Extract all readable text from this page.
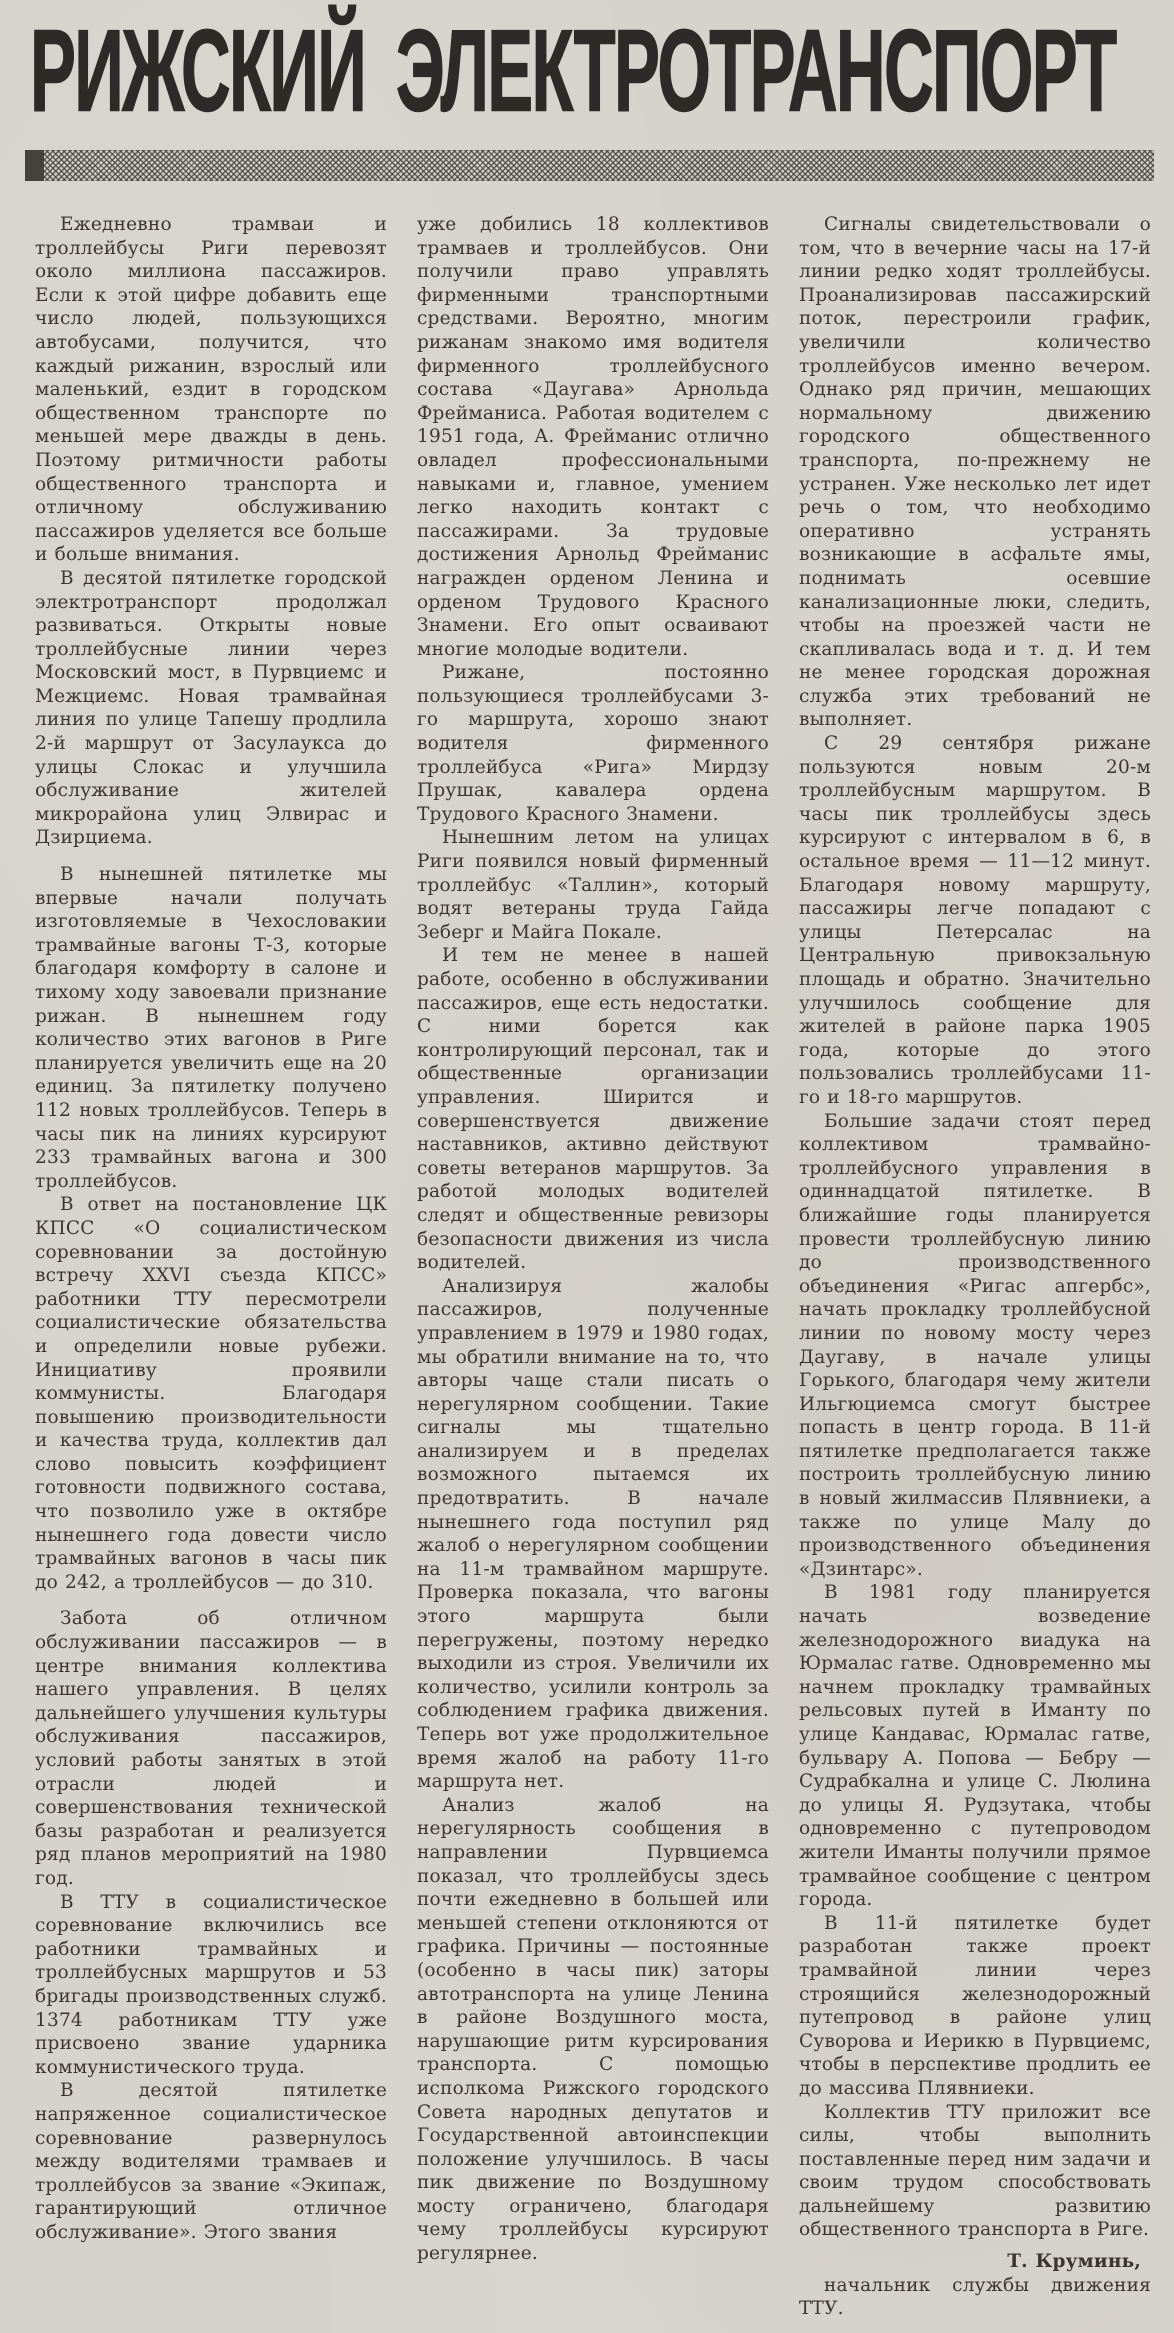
РИЖСКИЙ ЭЛЕКТРОТРАНСПОРТ

Ежедневно трамваи и троллейбусы Риги перевозят около миллиона пассажиров. Если к этой цифре добавить еще число людей, пользующихся автобусами, получится, что каждый рижанин, взрослый или маленький, ездит в городском общественном транспорте по меньшей мере дважды в день. Поэтому ритмичности работы общественного транспорта и отличному обслуживанию пассажиров уделяется все больше и больше внимания.

В десятой пятилетке городской электротранспорт продолжал развиваться. Открыты новые троллейбусные линии через Московский мост, в Пурвциемс и Межциемс. Новая трамвайная линия по улице Тапешу продлила 2-й маршрут от Засулаукса до улицы Слокас и улучшила обслуживание жителей микрорайона улиц Элвирас и Дзирциема.

В нынешней пятилетке мы впервые начали получать изготовляемые в Чехословакии трамвайные вагоны Т-3, которые благодаря комфорту в салоне и тихому ходу завоевали признание рижан. В нынешнем году количество этих вагонов в Риге планируется увеличить еще на 20 единиц. За пятилетку получено 112 новых троллейбусов. Теперь в часы пик на линиях курсируют 233 трамвайных вагона и 300 троллейбусов.

В ответ на постановление ЦК КПСС «О социалистическом соревновании за достойную встречу XXVI съезда КПСС» работники ТТУ пересмотрели социалистические обязательства и определили новые рубежи. Инициативу проявили коммунисты. Благодаря повышению производительности и качества труда, коллектив дал слово повысить коэффициент готовности подвижного состава, что позволило уже в октябре нынешнего года довести число трамвайных вагонов в часы пик до 242, а троллейбусов — до 310.

Забота об отличном обслуживании пассажиров — в центре внимания коллектива нашего управления. В целях дальнейшего улучшения культуры обслуживания пассажиров, условий работы занятых в этой отрасли людей и совершенствования технической базы разработан и реализуется ряд планов мероприятий на 1980 год.

В ТТУ в социалистическое соревнование включились все работники трамвайных и троллейбусных маршрутов и 53 бригады производственных служб. 1374 работникам ТТУ уже присвоено звание ударника коммунистического труда.

В десятой пятилетке напряженное социалистическое соревнование развернулось между водителями трамваев и троллейбусов за звание «Экипаж, гарантирующий отличное обслуживание». Этого звания

уже добились 18 коллективов трамваев и троллейбусов. Они получили право управлять фирменными транспортными средствами. Вероятно, многим рижанам знакомо имя водителя фирменного троллейбусного состава «Даугава» Арнольда Фрейманиса. Работая водителем с 1951 года, А. Фрейманис отлично овладел профессиональными навыками и, главное, умением легко находить контакт с пассажирами. За трудовые достижения Арнольд Фрейманис награжден орденом Ленина и орденом Трудового Красного Знамени. Его опыт осваивают многие молодые водители.

Рижане, постоянно пользующиеся троллейбусами 3-го маршрута, хорошо знают водителя фирменного троллейбуса «Рига» Мирдзу Прушак, кавалера ордена Трудового Красного Знамени.

Нынешним летом на улицах Риги появился новый фирменный троллейбус «Таллин», который водят ветераны труда Гайда Зеберг и Майга Покале.

И тем не менее в нашей работе, особенно в обслуживании пассажиров, еще есть недостатки. С ними борется как контролирующий персонал, так и общественные организации управления. Ширится и совершенствуется движение наставников, активно действуют советы ветеранов маршрутов. За работой молодых водителей следят и общественные ревизоры безопасности движения из числа водителей.

Анализируя жалобы пассажиров, полученные управлением в 1979 и 1980 годах, мы обратили внимание на то, что авторы чаще стали писать о нерегулярном сообщении. Такие сигналы мы тщательно анализируем и в пределах возможного пытаемся их предотвратить. В начале нынешнего года поступил ряд жалоб о нерегулярном сообщении на 11-м трамвайном маршруте. Проверка показала, что вагоны этого маршрута были перегружены, поэтому нередко выходили из строя. Увеличили их количество, усилили контроль за соблюдением графика движения. Теперь вот уже продолжительное время жалоб на работу 11-го маршрута нет.

Анализ жалоб на нерегулярность сообщения в направлении Пурвциемса показал, что троллейбусы здесь почти ежедневно в большей или меньшей степени отклоняются от графика. Причины — постоянные (особенно в часы пик) заторы автотранспорта на улице Ленина в районе Воздушного моста, нарушающие ритм курсирования транспорта. С помощью исполкома Рижского городского Совета народных депутатов и Государственной автоинспекции положение улучшилось. В часы пик движение по Воздушному мосту ограничено, благодаря чему троллейбусы курсируют регулярнее.

Сигналы свидетельствовали о том, что в вечерние часы на 17-й линии редко ходят троллейбусы. Проанализировав пассажирский поток, перестроили график, увеличили количество троллейбусов именно вечером. Однако ряд причин, мешающих нормальному движению городского общественного транспорта, по-прежнему не устранен. Уже несколько лет идет речь о том, что необходимо оперативно устранять возникающие в асфальте ямы, поднимать осевшие канализационные люки, следить, чтобы на проезжей части не скапливалась вода и т. д. И тем не менее городская дорожная служба этих требований не выполняет.

С 29 сентября рижане пользуются новым 20-м троллейбусным маршрутом. В часы пик троллейбусы здесь курсируют с интервалом в 6, в остальное время — 11—12 минут. Благодаря новому маршруту, пассажиры легче попадают с улицы Петерсалас на Центральную привокзальную площадь и обратно. Значительно улучшилось сообщение для жителей в районе парка 1905 года, которые до этого пользовались троллейбусами 11-го и 18-го маршрутов.

Большие задачи стоят перед коллективом трамвайно-троллейбусного управления в одиннадцатой пятилетке. В ближайшие годы планируется провести троллейбусную линию до производственного объединения «Ригас апгербс», начать прокладку троллейбусной линии по новому мосту через Даугаву, в начале улицы Горького, благодаря чему жители Ильгюциемса смогут быстрее попасть в центр города. В 11-й пятилетке предполагается также построить троллейбусную линию в новый жилмассив Плявниеки, а также по улице Малу до производственного объединения «Дзинтарс».

В 1981 году планируется начать возведение железнодорожного виадука на Юрмалас гатве. Одновременно мы начнем прокладку трамвайных рельсовых путей в Иманту по улице Кандавас, Юрмалас гатве, бульвару А. Попова — Бебру — Судрабкална и улице С. Люлина до улицы Я. Рудзутака, чтобы одновременно с путепроводом жители Иманты получили прямое трамвайное сообщение с центром города.

В 11-й пятилетке будет разработан также проект трамвайной линии через строящийся железнодорожный путепровод в районе улиц Суворова и Иерикю в Пурвциемс, чтобы в перспективе продлить ее до массива Плявниеки.

Коллектив ТТУ приложит все силы, чтобы выполнить поставленные перед ним задачи и своим трудом способствовать дальнейшему развитию общественного транспорта в Риге.

Т. Круминь,

начальник службы движения ТТУ.
